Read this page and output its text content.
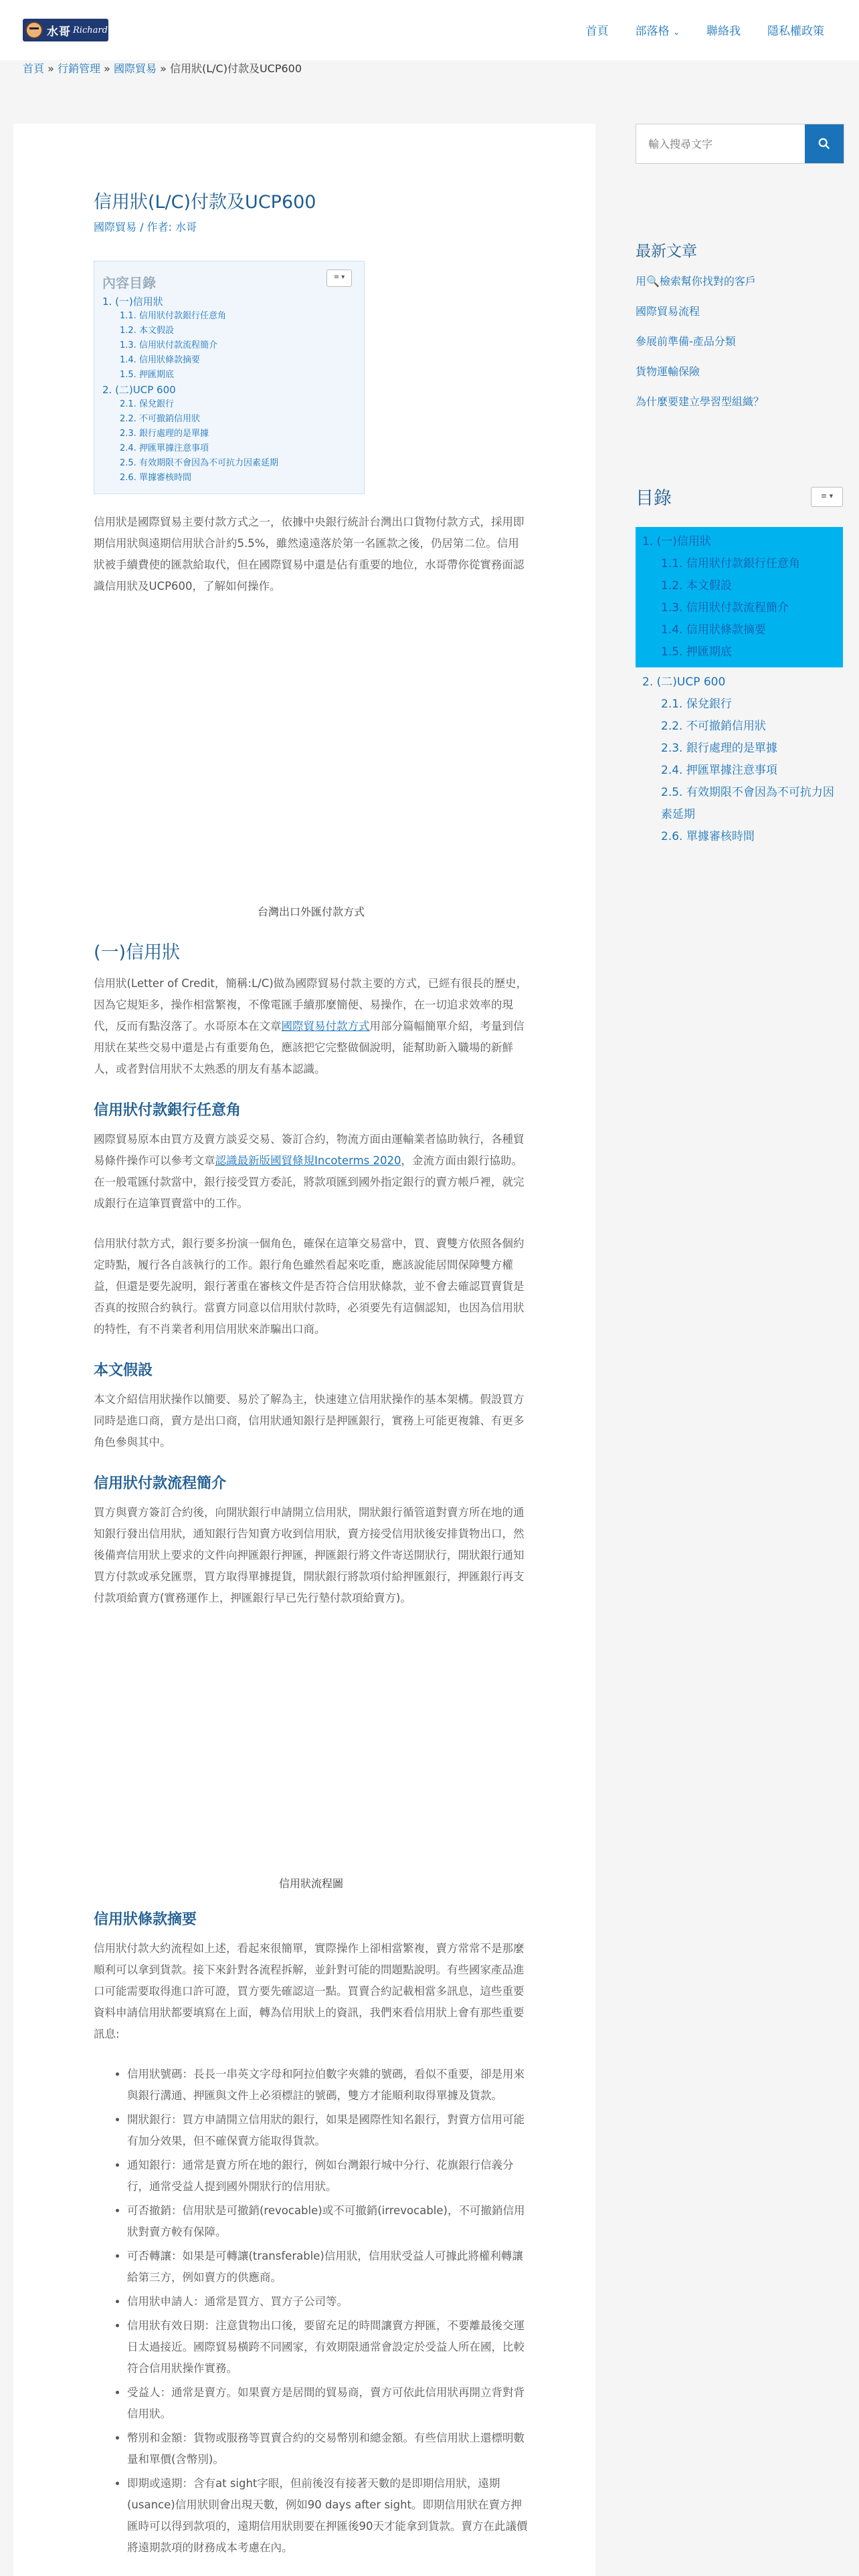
水哥 Richard	首頁 部落格 ⌄ 聯絡我 隱私權政策
首頁 » 行銷管理 » 國際貿易 » 信用狀(L/C)付款及UCP600
信用狀(L/C)付款及UCP600
國際貿易 / 作者: 水哥
內容目錄	≡ ▾
1. (一)信用狀
1.1. 信用狀付款銀行任意角
1.2. 本文假設
1.3. 信用狀付款流程簡介
1.4. 信用狀條款摘要
1.5. 押匯期底
2. (二)UCP 600
2.1. 保兌銀行
2.2. 不可撤銷信用狀
2.3. 銀行處理的是單據
2.4. 押匯單據注意事項
2.5. 有效期限不會因為不可抗力因素延期
2.6. 單據審核時間

信用狀是國際貿易主要付款方式之一，依據中央銀行統計台灣出口貨物付款方式，採用即期信用狀與遠期信用狀合計約5.5%，雖然遠遠落於第一名匯款之後，仍居第二位。信用狀被手續費使的匯款給取代，但在國際貿易中還是佔有重要的地位，水哥帶你從實務面認識信用狀及UCP600，了解如何操作。

台灣出口外匯付款方式
(一)信用狀

信用狀(Letter of Credit，簡稱:L/C)做為國際貿易付款主要的方式，已經有很長的歷史，因為它規矩多，操作相當繁複，不像電匯手續那麼簡便、易操作，在一切追求效率的現代，反而有點沒落了。水哥原本在文章國際貿易付款方式用部分篇幅簡單介紹，考量到信用狀在某些交易中還是占有重要角色，應該把它完整做個說明，能幫助新入職場的新鮮人，或者對信用狀不太熟悉的朋友有基本認識。

信用狀付款銀行任意角

國際貿易原本由買方及賣方談妥交易、簽訂合約，物流方面由運輸業者協助執行，各種貿易條件操作可以參考文章認識最新版國貿條規Incoterms 2020，金流方面由銀行協助。在一般電匯付款當中，銀行接受買方委託，將款項匯到國外指定銀行的賣方帳戶裡，就完成銀行在這筆買賣當中的工作。

信用狀付款方式，銀行要多扮演一個角色，確保在這筆交易當中，買、賣雙方依照各個約定時點，履行各自該執行的工作。銀行角色雖然看起來吃重，應該說能居間保障雙方權益，但還是要先說明，銀行著重在審核文件是否符合信用狀條款，並不會去確認買賣貨是否真的按照合約執行。當賣方同意以信用狀付款時，必須要先有這個認知，也因為信用狀的特性，有不肖業者利用信用狀來詐騙出口商。

本文假設

本文介紹信用狀操作以簡要、易於了解為主，快速建立信用狀操作的基本架構。假設買方同時是進口商，賣方是出口商，信用狀通知銀行是押匯銀行，實務上可能更複雜、有更多角色參與其中。

信用狀付款流程簡介

買方與賣方簽訂合約後，向開狀銀行申請開立信用狀，開狀銀行循管道對賣方所在地的通知銀行發出信用狀，通知銀行告知賣方收到信用狀，賣方接受信用狀後安排貨物出口，然後備齊信用狀上要求的文件向押匯銀行押匯，押匯銀行將文件寄送開狀行，開狀銀行通知買方付款或承兌匯票，買方取得單據提貨，開狀銀行將款項付給押匯銀行，押匯銀行再支付款項給賣方(實務運作上，押匯銀行早已先行墊付款項給賣方)。

信用狀流程圖
信用狀條款摘要

信用狀付款大約流程如上述，看起來很簡單，實際操作上卻相當繁複，賣方常常不是那麼順利可以拿到貨款。接下來針對各流程拆解，並針對可能的問題點說明。有些國家產品進口可能需要取得進口許可證，買方要先確認這一點。買賣合約記載相當多訊息，這些重要資料申請信用狀都要填寫在上面，轉為信用狀上的資訊，我們來看信用狀上會有那些重要訊息:

• 信用狀號碼：長長一串英文字母和阿拉伯數字夾雜的號碼，看似不重要，卻是用來與銀行溝通、押匯與文件上必須標註的號碼，雙方才能順利取得單據及貨款。
• 開狀銀行：買方申請開立信用狀的銀行，如果是國際性知名銀行，對賣方信用可能有加分效果，但不確保賣方能取得貨款。
• 通知銀行：通常是賣方所在地的銀行，例如台灣銀行城中分行、花旗銀行信義分行，通常受益人提到國外開狀行的信用狀。
• 可否撤銷：信用狀是可撤銷(revocable)或不可撤銷(irrevocable)，不可撤銷信用狀對賣方較有保障。
• 可否轉讓：如果是可轉讓(transferable)信用狀，信用狀受益人可據此將權利轉讓給第三方，例如賣方的供應商。
• 信用狀申請人：通常是買方、買方子公司等。
• 信用狀有效日期：注意貨物出口後，要留充足的時間讓賣方押匯，不要離最後交運日太過接近。國際貿易橫跨不同國家，有效期限通常會設定於受益人所在國，比較符合信用狀操作實務。
• 受益人：通常是賣方。如果賣方是居間的貿易商，賣方可依此信用狀再開立背對背信用狀。
• 幣別和金額：貨物或服務等買賣合約的交易幣別和總金額。有些信用狀上還標明數量和單價(含幣別)。
• 即期或遠期：含有at sight字眼，但前後沒有接著天數的是即期信用狀，遠期(usance)信用狀則會出現天數，例如90 days after sight。即期信用狀在賣方押匯時可以得到款項的，遠期信用狀則要在押匯後90天才能拿到貨款。賣方在此議價將遠期款項的財務成本考慮在內。
輸入搜尋文字
最新文章
用🔍檢索幫你找對的客戶
國際貿易流程
參展前準備-產品分類
貨物運輸保險
為什麼要建立學習型組織？
目錄	≡ ▾
1. (一)信用狀
1.1. 信用狀付款銀行任意角
1.2. 本文假設
1.3. 信用狀付款流程簡介
1.4. 信用狀條款摘要
1.5. 押匯期底
2. (二)UCP 600
2.1. 保兌銀行
2.2. 不可撤銷信用狀
2.3. 銀行處理的是單據
2.4. 押匯單據注意事項
2.5. 有效期限不會因為不可抗力因素延期
2.6. 單據審核時間
